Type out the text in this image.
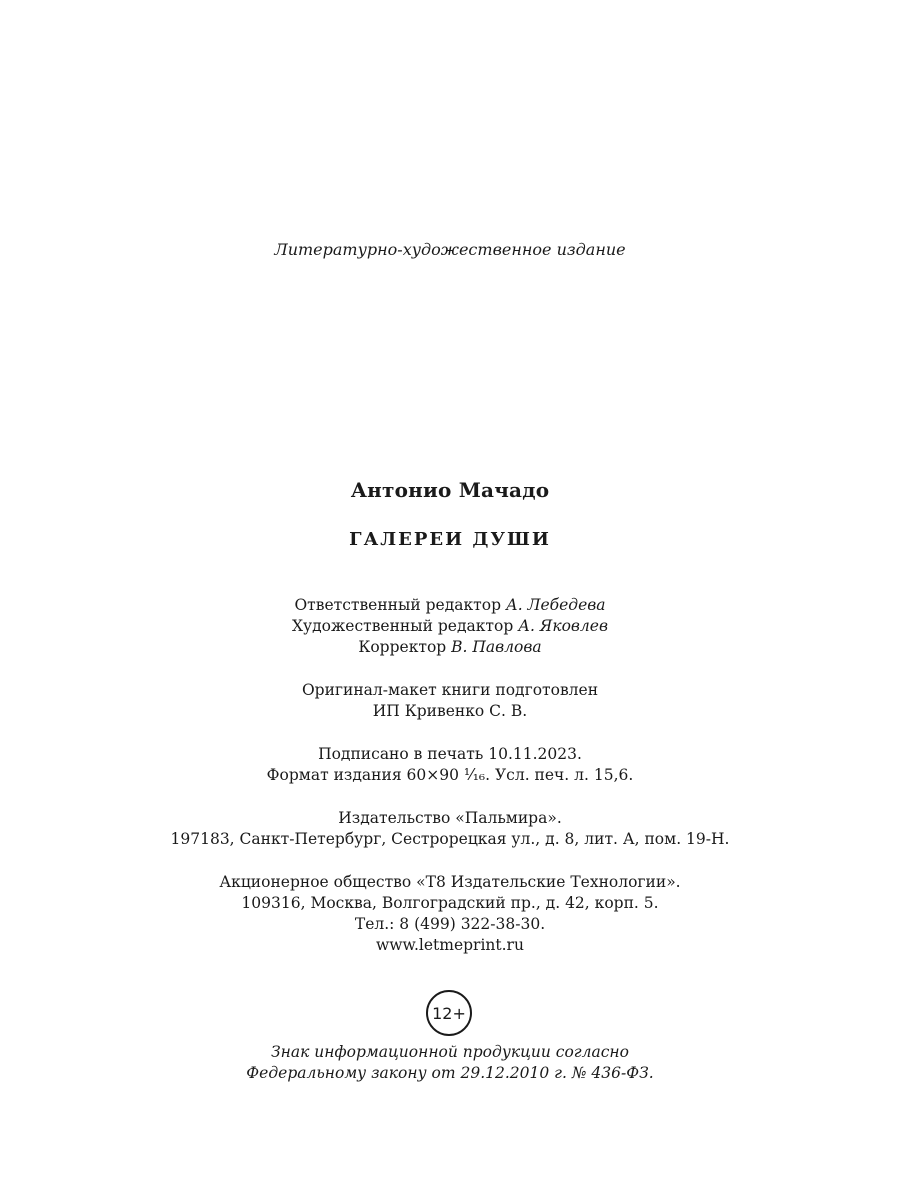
Литературно-художественное издание
Антонио Мачадо
ГАЛЕРЕИ ДУШИ
Ответственный редактор А. Лебедева
Художественный редактор А. Яковлев
Корректор В. Павлова
Оригинал-макет книги подготовлен
ИП Кривенко С. В.
Подписано в печать 10.11.2023.
Формат издания 60×90 ¹⁄₁₆. Усл. печ. л. 15,6.
Издательство «Пальмира».
197183, Санкт-Петербург, Сестрорецкая ул., д. 8, лит. А, пом. 19-Н.
Акционерное общество «Т8 Издательские Технологии».
109316, Москва, Волгоградский пр., д. 42, корп. 5.
Тел.: 8 (499) 322-38-30.
www.letmeprint.ru
12+
Знак информационной продукции согласно
Федеральному закону от 29.12.2010 г. № 436-ФЗ.
